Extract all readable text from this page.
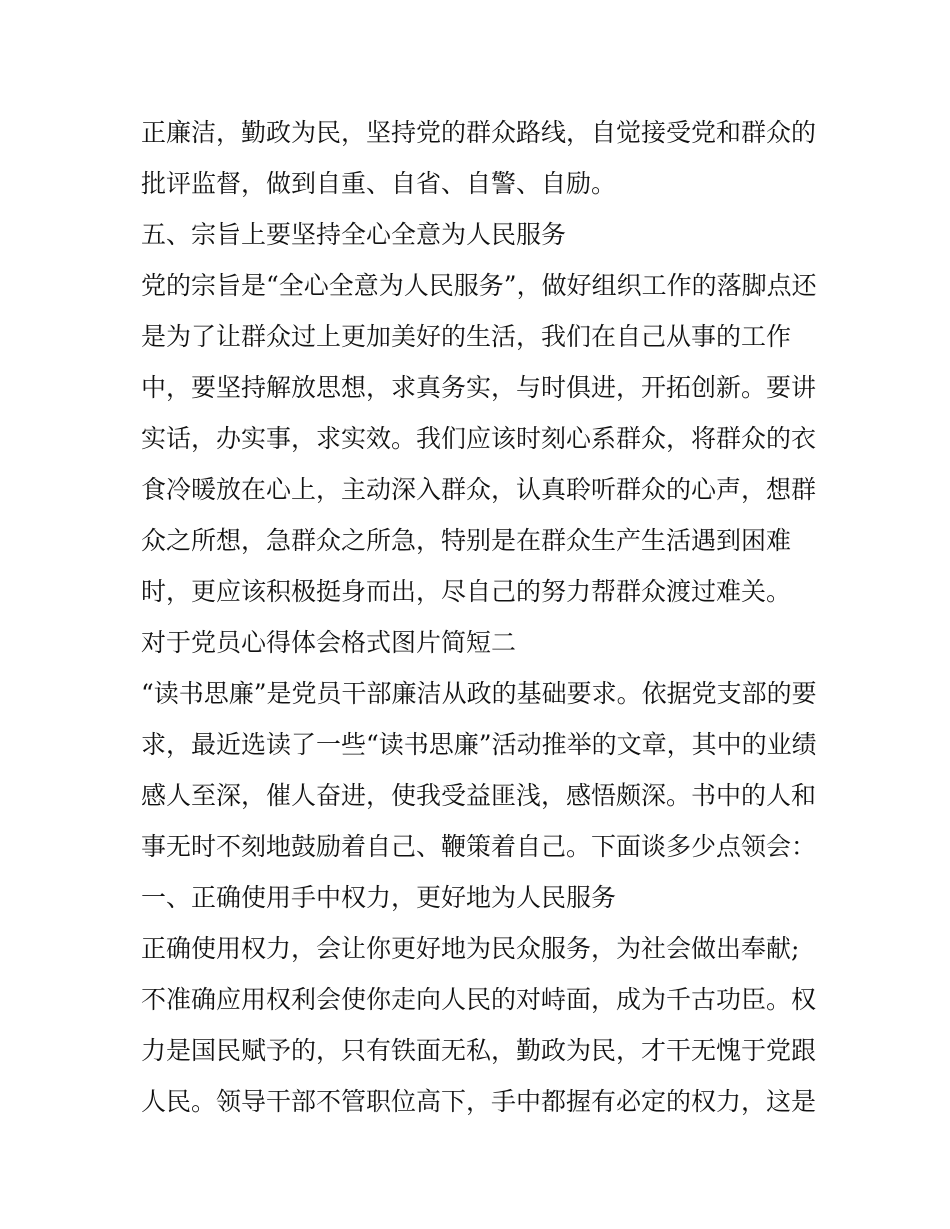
正廉洁，勤政为民，坚持党的群众路线，自觉接受党和群众的

批评监督，做到自重、自省、自警、自励。

五、宗旨上要坚持全心全意为人民服务

党的宗旨是“全心全意为人民服务”，做好组织工作的落脚点还

是为了让群众过上更加美好的生活，我们在自己从事的工作

中，要坚持解放思想，求真务实，与时俱进，开拓创新。要讲

实话，办实事，求实效。我们应该时刻心系群众，将群众的衣

食冷暖放在心上，主动深入群众，认真聆听群众的心声，想群

众之所想，急群众之所急，特别是在群众生产生活遇到困难

时，更应该积极挺身而出，尽自己的努力帮群众渡过难关。

对于党员心得体会格式图片简短二

“读书思廉”是党员干部廉洁从政的基础要求。依据党支部的要

求，最近选读了一些“读书思廉”活动推举的文章，其中的业绩

感人至深，催人奋进，使我受益匪浅，感悟颇深。书中的人和

事无时不刻地鼓励着自己、鞭策着自己。下面谈多少点领会：

一、正确使用手中权力，更好地为人民服务

正确使用权力，会让你更好地为民众服务，为社会做出奉献;

不准确应用权利会使你走向人民的对峙面，成为千古功臣。权

力是国民赋予的，只有铁面无私，勤政为民，才干无愧于党跟

人民。领导干部不管职位高下，手中都握有必定的权力，这是
